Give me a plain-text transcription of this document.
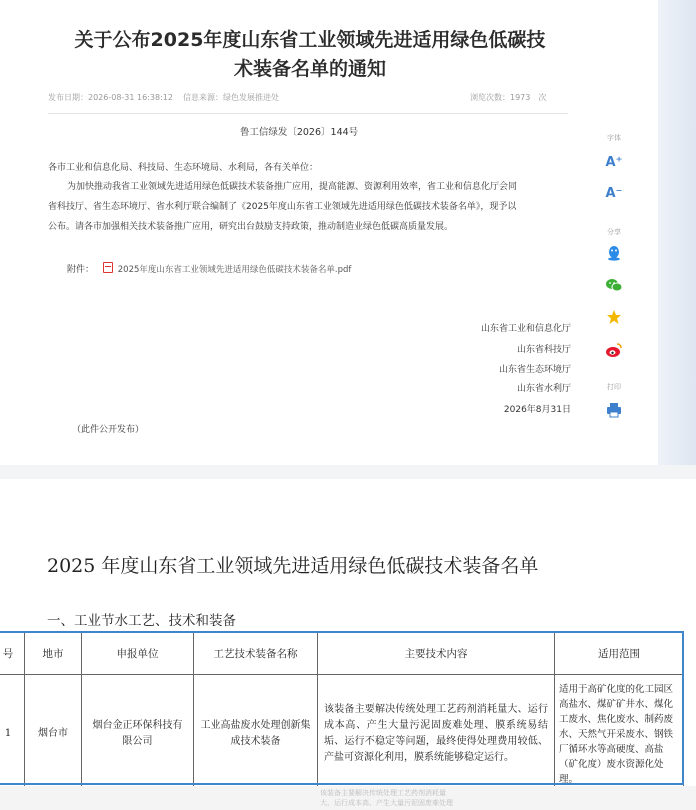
关于公布2025年度山东省工业领域先进适用绿色低碳技
术装备名单的通知
发布日期：2026-08-31 16:38:12 信息来源：绿色发展推进处	浏览次数：1973　次
鲁工信绿发〔2026〕144号
各市工业和信息化局、科技局、生态环境局、水利局，各有关单位：
为加快推动我省工业领域先进适用绿色低碳技术装备推广应用，提高能源、资源利用效率，省工业和信息化厅会同
省科技厅、省生态环境厅、省水利厅联合编制了《2025年度山东省工业领域先进适用绿色低碳技术装备名单》，现予以
公布。请各市加强相关技术装备推广应用，研究出台鼓励支持政策，推动制造业绿色低碳高质量发展。
附件：	2025年度山东省工业领域先进适用绿色低碳技术装备名单.pdf
山东省工业和信息化厅
山东省科技厅
山东省生态环境厅
山东省水利厅
2026年8月31日
（此件公开发布）
字体
A⁺
A⁻
分享
打印
2025 年度山东省工业领域先进适用绿色低碳技术装备名单
一、工业节水工艺、技术和装备
号	地市	申报单位	工艺技术装备名称	主要技术内容	适用范围
1	烟台市	烟台金正环保科技有限公司	工业高盐废水处理创新集成技术装备	该装备主要解决传统处理工艺药剂消耗量大、运行成本高、产生大量污泥固废难处理、膜系统易结垢、运行不稳定等问题，最终使得处理费用较低、产盐可资源化利用，膜系统能够稳定运行。	适用于高矿化度的化工园区高盐水、煤矿矿井水、煤化工废水、焦化废水、制药废水、天然气开采废水、钢铁厂循环水等高硬度、高盐（矿化度）废水资源化处理。
该装备主要解决传统处理工艺药剂消耗量
大、运行成本高、产生大量污泥固废难处理
